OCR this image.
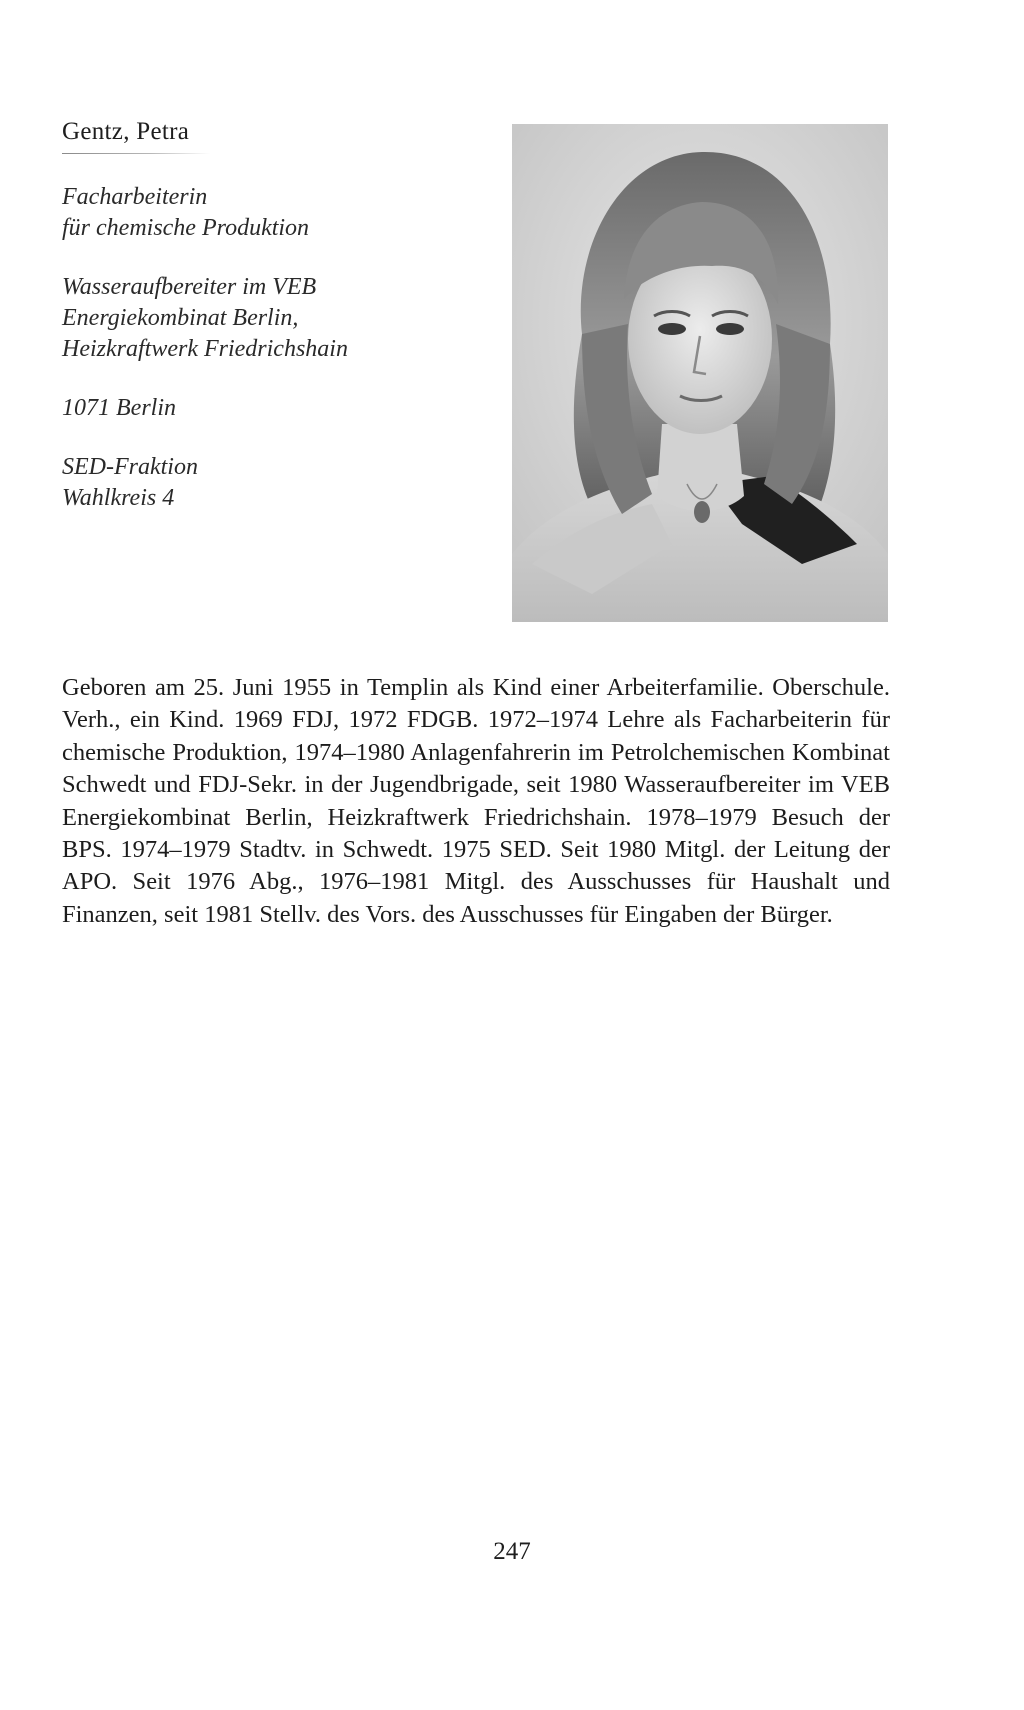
Gentz, Petra
Facharbeiterin
für chemische Produktion
Wasseraufbereiter im VEB
Energiekombinat Berlin,
Heizkraftwerk Friedrichshain
1071 Berlin
SED-Fraktion
Wahlkreis 4
Geboren am 25. Juni 1955 in Templin als Kind einer Arbeiterfamilie. Oberschule. Verh., ein Kind. 1969 FDJ, 1972 FDGB. 1972–1974 Lehre als Facharbeiterin für chemische Produktion, 1974–1980 Anlagenfahrerin im Petrolchemischen Kombinat Schwedt und FDJ-Sekr. in der Jugendbrigade, seit 1980 Wasseraufbereiter im VEB Energiekombinat Berlin, Heizkraftwerk Friedrichshain. 1978–1979 Besuch der BPS. 1974–1979 Stadtv. in Schwedt. 1975 SED. Seit 1980 Mitgl. der Leitung der APO. Seit 1976 Abg., 1976–1981 Mitgl. des Ausschusses für Haushalt und Finanzen, seit 1981 Stellv. des Vors. des Ausschusses für Eingaben der Bürger.
247
